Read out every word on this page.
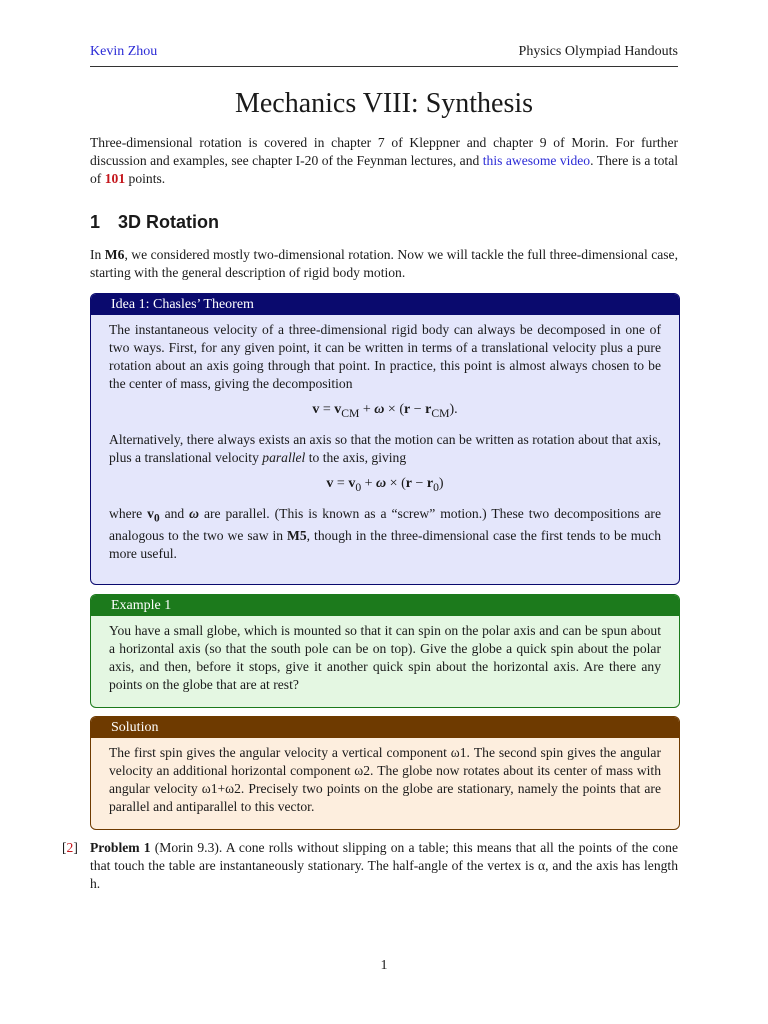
Kevin Zhou	Physics Olympiad Handouts
Mechanics VIII: Synthesis
Three-dimensional rotation is covered in chapter 7 of Kleppner and chapter 9 of Morin. For further discussion and examples, see chapter I-20 of the Feynman lectures, and this awesome video. There is a total of 101 points.
1 3D Rotation
In M6, we considered mostly two-dimensional rotation. Now we will tackle the full three-dimensional case, starting with the general description of rigid body motion.
Idea 1: Chasles’ Theorem

The instantaneous velocity of a three-dimensional rigid body can always be decomposed in one of two ways. First, for any given point, it can be written in terms of a translational velocity plus a pure rotation about an axis going through that point. In practice, this point is almost always chosen to be the center of mass, giving the decomposition

$v = v_{CM} + \omega \times (r - r_{CM})$.

Alternatively, there always exists an axis so that the motion can be written as rotation about that axis, plus a translational velocity parallel to the axis, giving

$v = v_0 + \omega \times (r - r_0)$

where $v_0$ and ω are parallel. (This is known as a “screw” motion.) These two decompositions are analogous to the two we saw in M5, though in the three-dimensional case the first tends to be much more useful.

Example 1

You have a small globe, which is mounted so that it can spin on the polar axis and can be spun about a horizontal axis (so that the south pole can be on top). Give the globe a quick spin about the polar axis, and then, before it stops, give it another quick spin about the horizontal axis. Are there any points on the globe that are at rest?

Solution

The first spin gives the angular velocity a vertical component ω1. The second spin gives the angular velocity an additional horizontal component ω2. The globe now rotates about its center of mass with angular velocity ω1+ω2. Precisely two points on the globe are stationary, namely the points that are parallel and antiparallel to this vector.

[2] Problem 1 (Morin 9.3). A cone rolls without slipping on a table; this means that all the points of the cone that touch the table are instantaneously stationary. The half-angle of the vertex is α, and the axis has length h.
1
